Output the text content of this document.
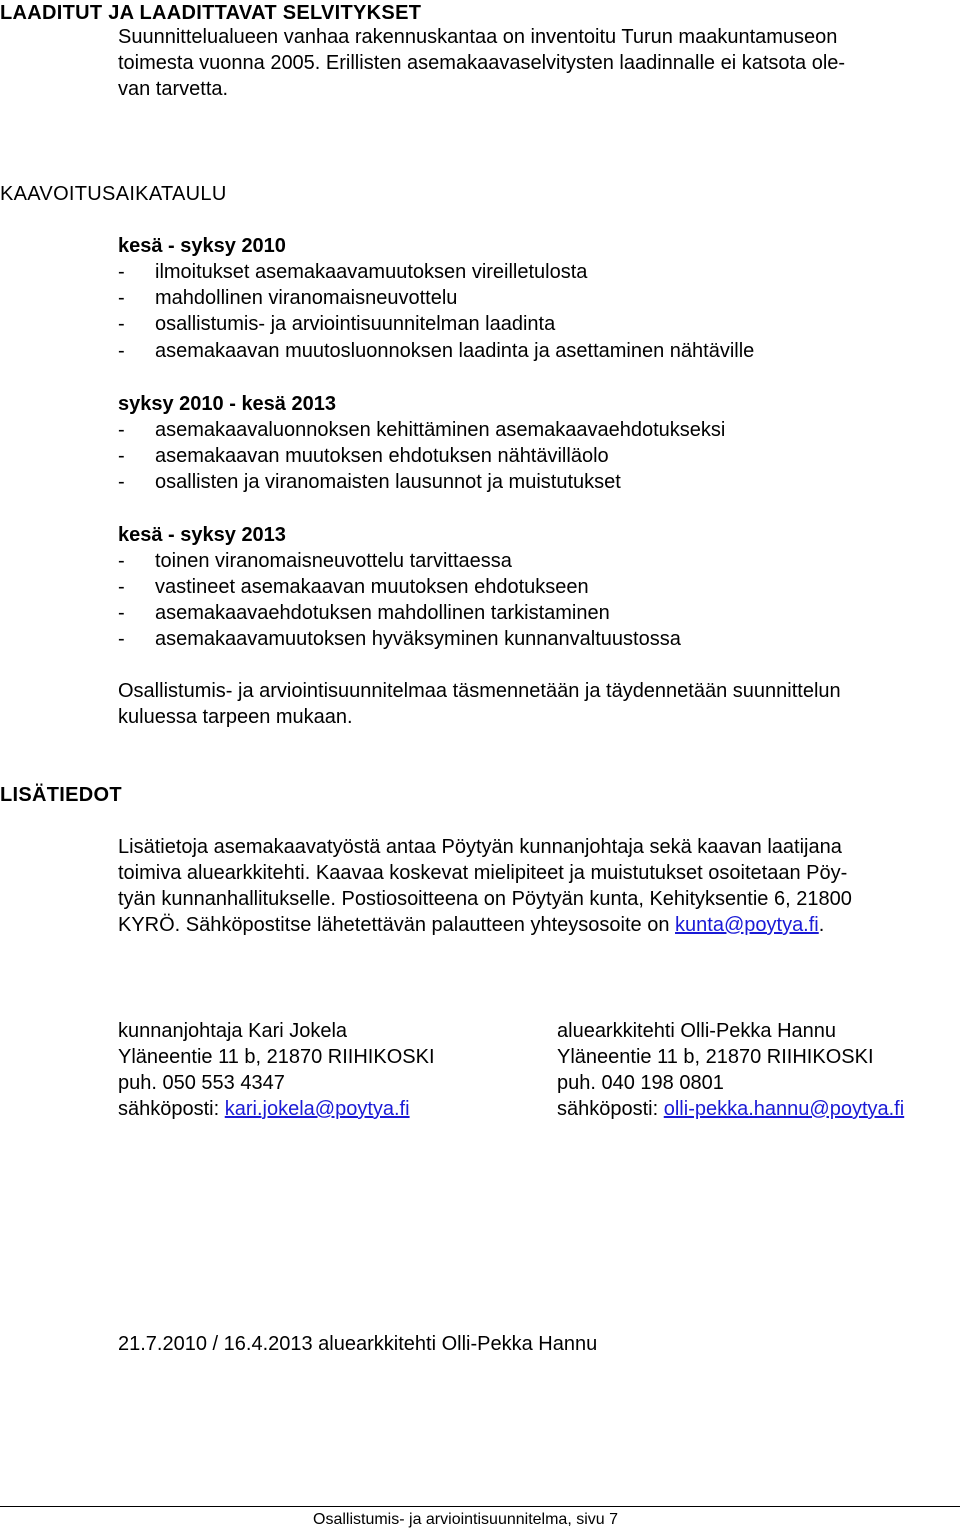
LAADITUT JA LAADITTAVAT SELVITYKSET
Suunnittelualueen vanhaa rakennuskantaa on inventoitu Turun maakuntamuseon
toimesta vuonna 2005. Erillisten asemakaavaselvitysten laadinnalle ei katsota ole-
van tarvetta.
KAAVOITUSAIKATAULU
kesä - syksy 2010
- ilmoitukset asemakaavamuutoksen vireilletulosta
- mahdollinen viranomaisneuvottelu
- osallistumis- ja arviointisuunnitelman laadinta
- asemakaavan muutosluonnoksen laadinta ja asettaminen nähtäville
syksy 2010 - kesä 2013
- asemakaavaluonnoksen kehittäminen asemakaavaehdotukseksi
- asemakaavan muutoksen ehdotuksen nähtävilläolo
- osallisten ja viranomaisten lausunnot ja muistutukset
kesä - syksy 2013
- toinen viranomaisneuvottelu tarvittaessa
- vastineet asemakaavan muutoksen ehdotukseen
- asemakaavaehdotuksen mahdollinen tarkistaminen
- asemakaavamuutoksen hyväksyminen kunnanvaltuustossa
Osallistumis- ja arviointisuunnitelmaa täsmennetään ja täydennetään suunnittelun
kuluessa tarpeen mukaan.
LISÄTIEDOT
Lisätietoja asemakaavatyöstä antaa Pöytyän kunnanjohtaja sekä kaavan laatijana
toimiva aluearkkitehti. Kaavaa koskevat mielipiteet ja muistutukset osoitetaan Pöy-
tyän kunnanhallitukselle. Postiosoitteena on Pöytyän kunta, Kehityksentie 6, 21800
KYRÖ. Sähköpostitse lähetettävän palautteen yhteysosoite on kunta@poytya.fi.
kunnanjohtaja Kari Jokela
Yläneentie 11 b, 21870 RIIHIKOSKI
puh. 050 553 4347
sähköposti: kari.jokela@poytya.fi
aluearkkitehti Olli-Pekka Hannu
Yläneentie 11 b, 21870 RIIHIKOSKI
puh. 040 198 0801
sähköposti: olli-pekka.hannu@poytya.fi
21.7.2010 / 16.4.2013 aluearkkitehti Olli-Pekka Hannu
Osallistumis- ja arviointisuunnitelma, sivu 7
